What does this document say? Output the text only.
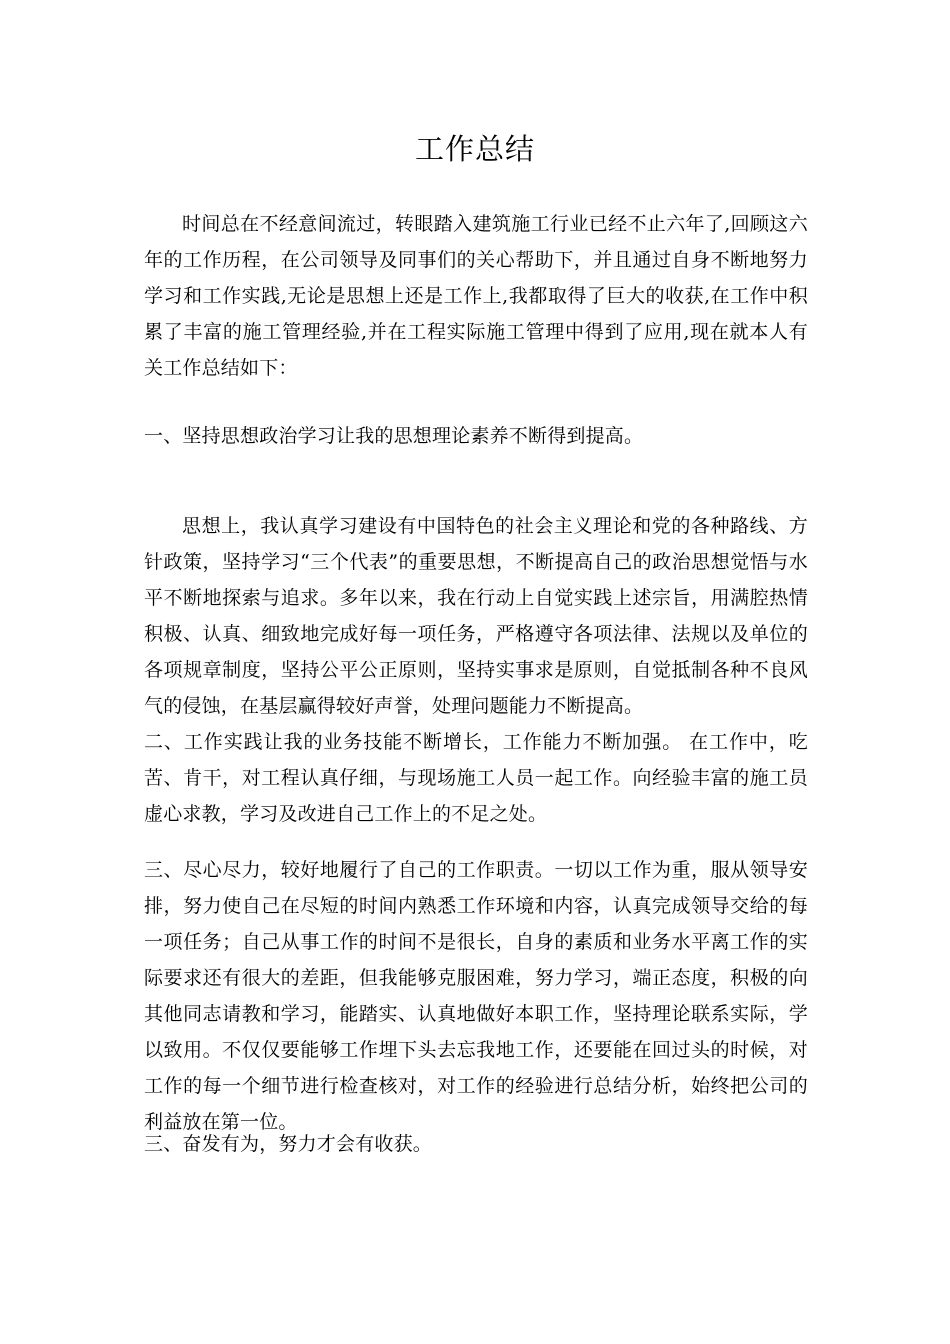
工作总结

时间总在不经意间流过，转眼踏入建筑施工行业已经不止六年了,回顾这六年的工作历程，在公司领导及同事们的关心帮助下，并且通过自身不断地努力学习和工作实践,无论是思想上还是工作上,我都取得了巨大的收获,在工作中积累了丰富的施工管理经验,并在工程实际施工管理中得到了应用,现在就本人有关工作总结如下：

一、坚持思想政治学习让我的思想理论素养不断得到提高。

思想上，我认真学习建设有中国特色的社会主义理论和党的各种路线、方针政策，坚持学习“三个代表”的重要思想，不断提高自己的政治思想觉悟与水平不断地探索与追求。多年以来，我在行动上自觉实践上述宗旨，用满腔热情积极、认真、细致地完成好每一项任务，严格遵守各项法律、法规以及单位的各项规章制度，坚持公平公正原则，坚持实事求是原则，自觉抵制各种不良风气的侵蚀，在基层赢得较好声誉，处理问题能力不断提高。

二、工作实践让我的业务技能不断增长，工作能力不断加强。 在工作中，吃苦、肯干，对工程认真仔细，与现场施工人员一起工作。向经验丰富的施工员虚心求教，学习及改进自己工作上的不足之处。

三、尽心尽力，较好地履行了自己的工作职责。一切以工作为重，服从领导安排，努力使自己在尽短的时间内熟悉工作环境和内容，认真完成领导交给的每一项任务；自己从事工作的时间不是很长，自身的素质和业务水平离工作的实际要求还有很大的差距，但我能够克服困难，努力学习，端正态度，积极的向其他同志请教和学习，能踏实、认真地做好本职工作，坚持理论联系实际，学以致用。不仅仅要能够工作埋下头去忘我地工作，还要能在回过头的时候，对工作的每一个细节进行检查核对，对工作的经验进行总结分析，始终把公司的利益放在第一位。

三、奋发有为，努力才会有收获。
